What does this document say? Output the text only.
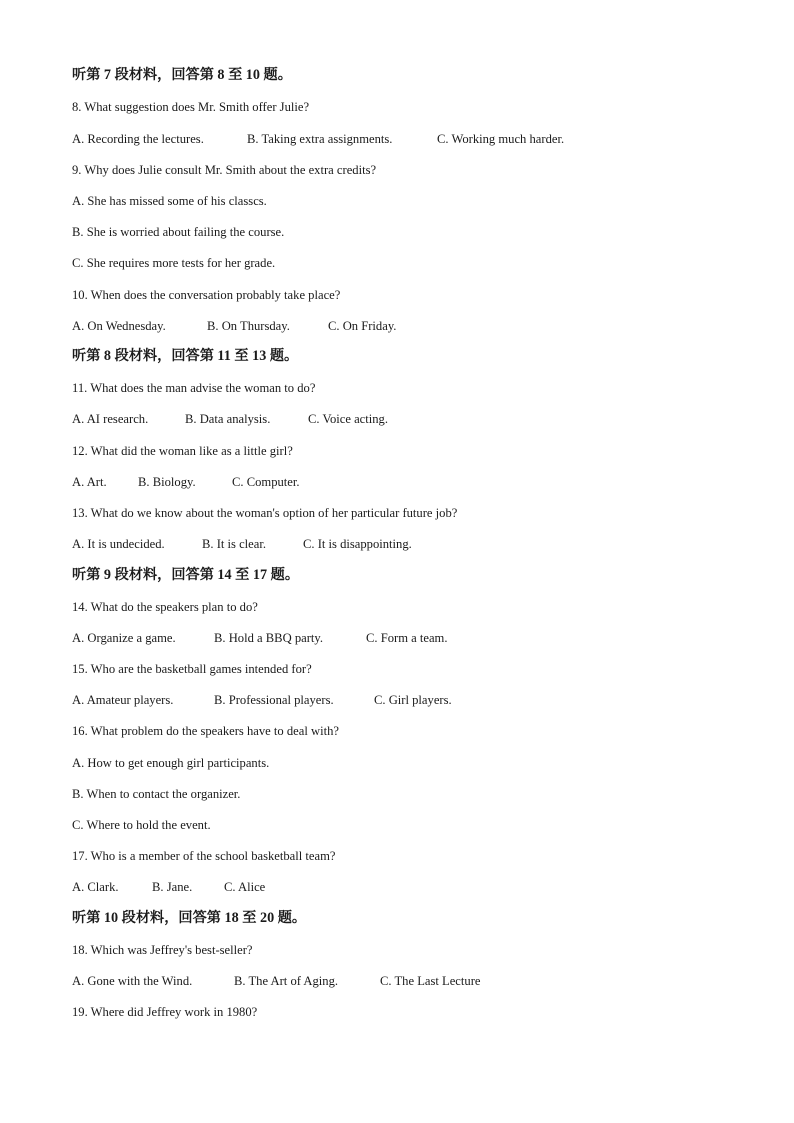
听第 7 段材料，回答第 8 至 10 题。
8. What suggestion does Mr. Smith offer Julie?
A. Recording the lectures.	B. Taking extra assignments.	C. Working much harder.
9. Why does Julie consult Mr. Smith about the extra credits?
A. She has missed some of his classcs.
B. She is worried about failing the course.
C. She requires more tests for her grade.
10. When does the conversation probably take place?
A. On Wednesday.	B. On Thursday.	C. On Friday.
听第 8 段材料，回答第 11 至 13 题。
11. What does the man advise the woman to do?
A. AI research.	B. Data analysis.	C. Voice acting.
12. What did the woman like as a little girl?
A. Art. B. Biology.	C. Computer.
13. What do we know about the woman's option of her particular future job?
A. It is undecided.	B. It is clear.	C. It is disappointing.
听第 9 段材料，回答第 14 至 17 题。
14. What do the speakers plan to do?
A. Organize a game.	B. Hold a BBQ party.	C. Form a team.
15. Who are the basketball games intended for?
A. Amateur players.	B. Professional players.	C. Girl players.
16. What problem do the speakers have to deal with?
A. How to get enough girl participants.
B. When to contact the organizer.
C. Where to hold the event.
17. Who is a member of the school basketball team?
A. Clark.	B. Jane.	C. Alice
听第 10 段材料，回答第 18 至 20 题。
18. Which was Jeffrey's best-seller?
A. Gone with the Wind.	B. The Art of Aging.	C. The Last Lecture
19. Where did Jeffrey work in 1980?
